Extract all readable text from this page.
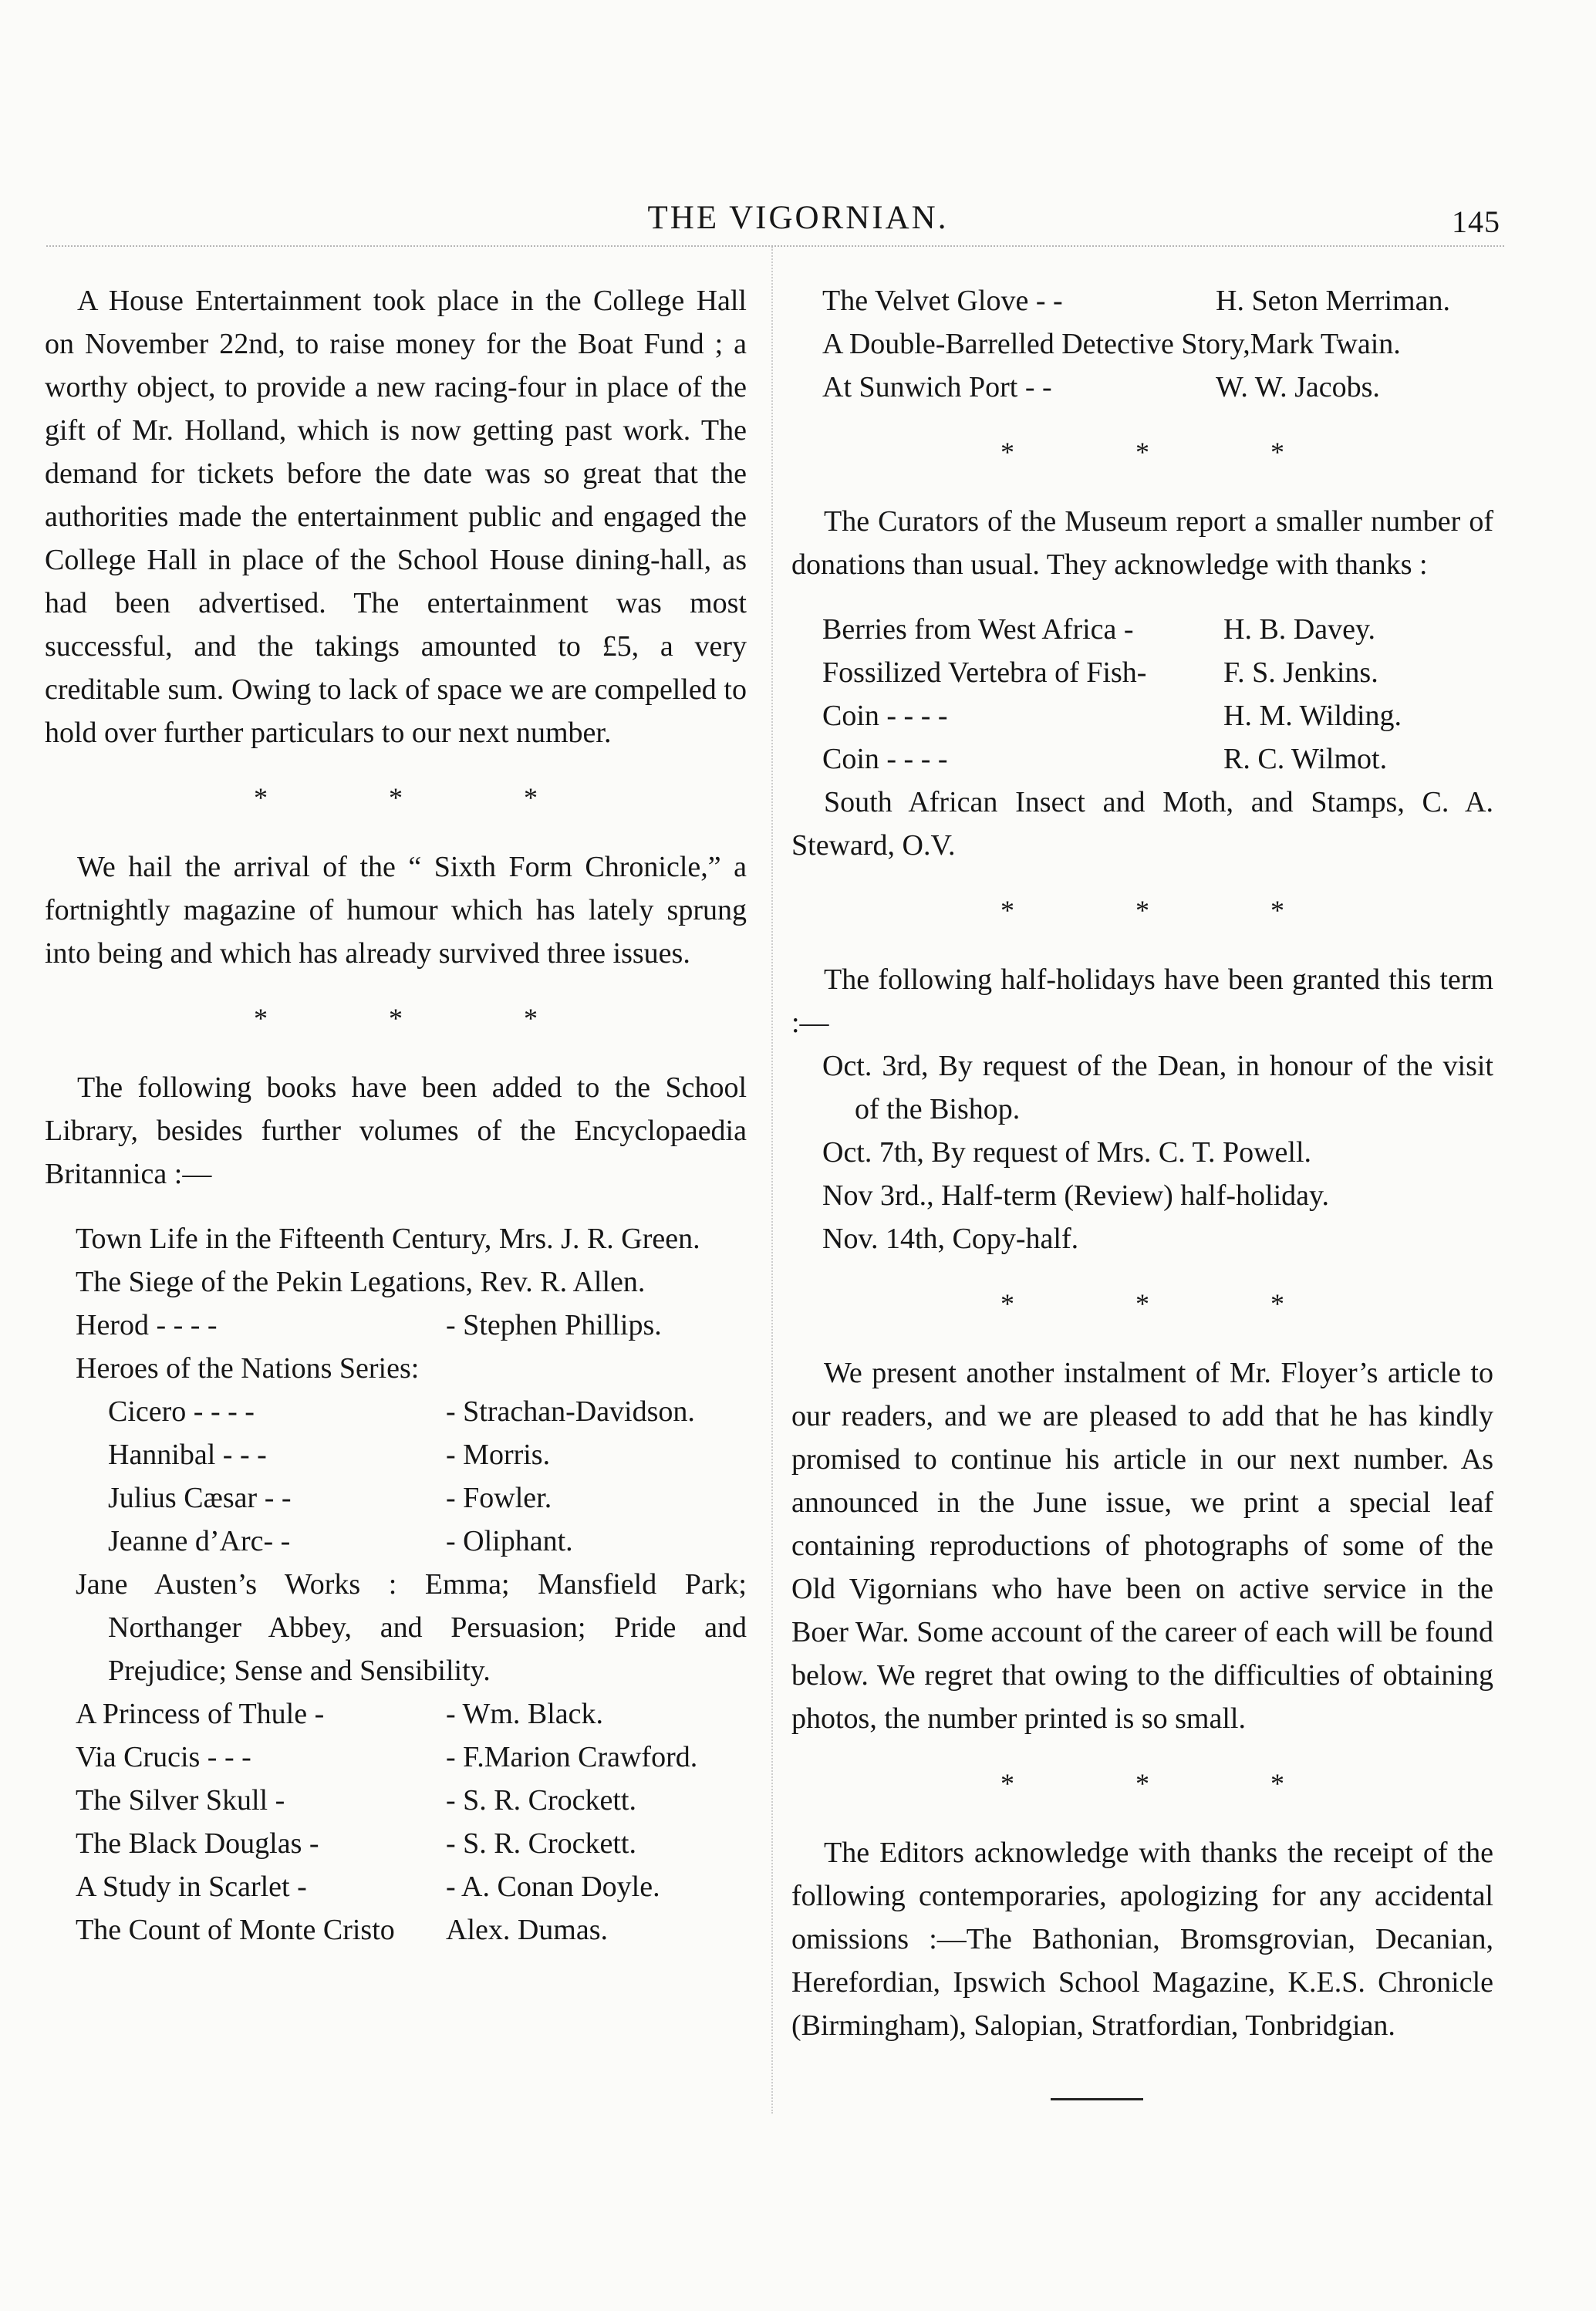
THE VIGORNIAN.	145

A House Entertainment took place in the College Hall on November 22nd, to raise money for the Boat Fund ; a worthy object, to provide a new racing-four in place of the gift of Mr. Holland, which is now getting past work. The demand for tickets before the date was so great that the authorities made the entertainment public and engaged the College Hall in place of the School House dining-hall, as had been advertised. The entertainment was most successful, and the takings amounted to £5, a very creditable sum. Owing to lack of space we are compelled to hold over further particulars to our next number.

* * *

We hail the arrival of the “ Sixth Form Chronicle,” a fortnightly magazine of humour which has lately sprung into being and which has already survived three issues.

* * *

The following books have been added to the School Library, besides further volumes of the Encyclopaedia Britannica :—

Town Life in the Fifteenth Century, Mrs. J. R. Green.

The Siege of the Pekin Legations, Rev. R. Allen.
Herod - - - -	- Stephen Phillips.
Heroes of the Nations Series:
Cicero - - - -	- Strachan-Davidson.
Hannibal - - -	- Morris.
Julius Cæsar - -	- Fowler.
Jeanne d’Arc- -	- Oliphant.

Jane Austen’s Works : Emma; Mansfield Park; Northanger Abbey, and Persuasion; Pride and Prejudice; Sense and Sensibility.

A Princess of Thule -	- Wm. Black.
Via Crucis - - -	- F.Marion Crawford.
The Silver Skull -	- S. R. Crockett.
The Black Douglas -	- S. R. Crockett.
A Study in Scarlet -	- A. Conan Doyle.
The Count of Monte Cristo	Alex. Dumas.
The Velvet Glove - -	H. Seton Merriman.
A Double-Barrelled Detective Story, Mark Twain.
At Sunwich Port - -	W. W. Jacobs.
* * *

The Curators of the Museum report a smaller number of donations than usual. They acknowledge with thanks :

Berries from West Africa -	H. B. Davey.
Fossilized Vertebra of Fish-	F. S. Jenkins.
Coin - - - -	H. M. Wilding.
Coin - - - -	R. C. Wilmot.

South African Insect and Moth, and Stamps, C. A. Steward, O.V.

* * *

The following half-holidays have been granted this term :—

Oct. 3rd, By request of the Dean, in honour of the visit of the Bishop.

Oct. 7th, By request of Mrs. C. T. Powell.
Nov 3rd., Half-term (Review) half-holiday.
Nov. 14th, Copy-half.
* * *

We present another instalment of Mr. Floyer’s article to our readers, and we are pleased to add that he has kindly promised to continue his article in our next number. As announced in the June issue, we print a special leaf containing reproductions of photographs of some of the Old Vigornians who have been on active service in the Boer War. Some account of the career of each will be found below. We regret that owing to the difficulties of obtaining photos, the number printed is so small.

* * *

The Editors acknowledge with thanks the receipt of the following contemporaries, apologizing for any accidental omissions :—The Bathonian, Bromsgrovian, Decanian, Herefordian, Ipswich School Magazine, K.E.S. Chronicle (Birmingham), Salopian, Stratfordian, Tonbridgian.
